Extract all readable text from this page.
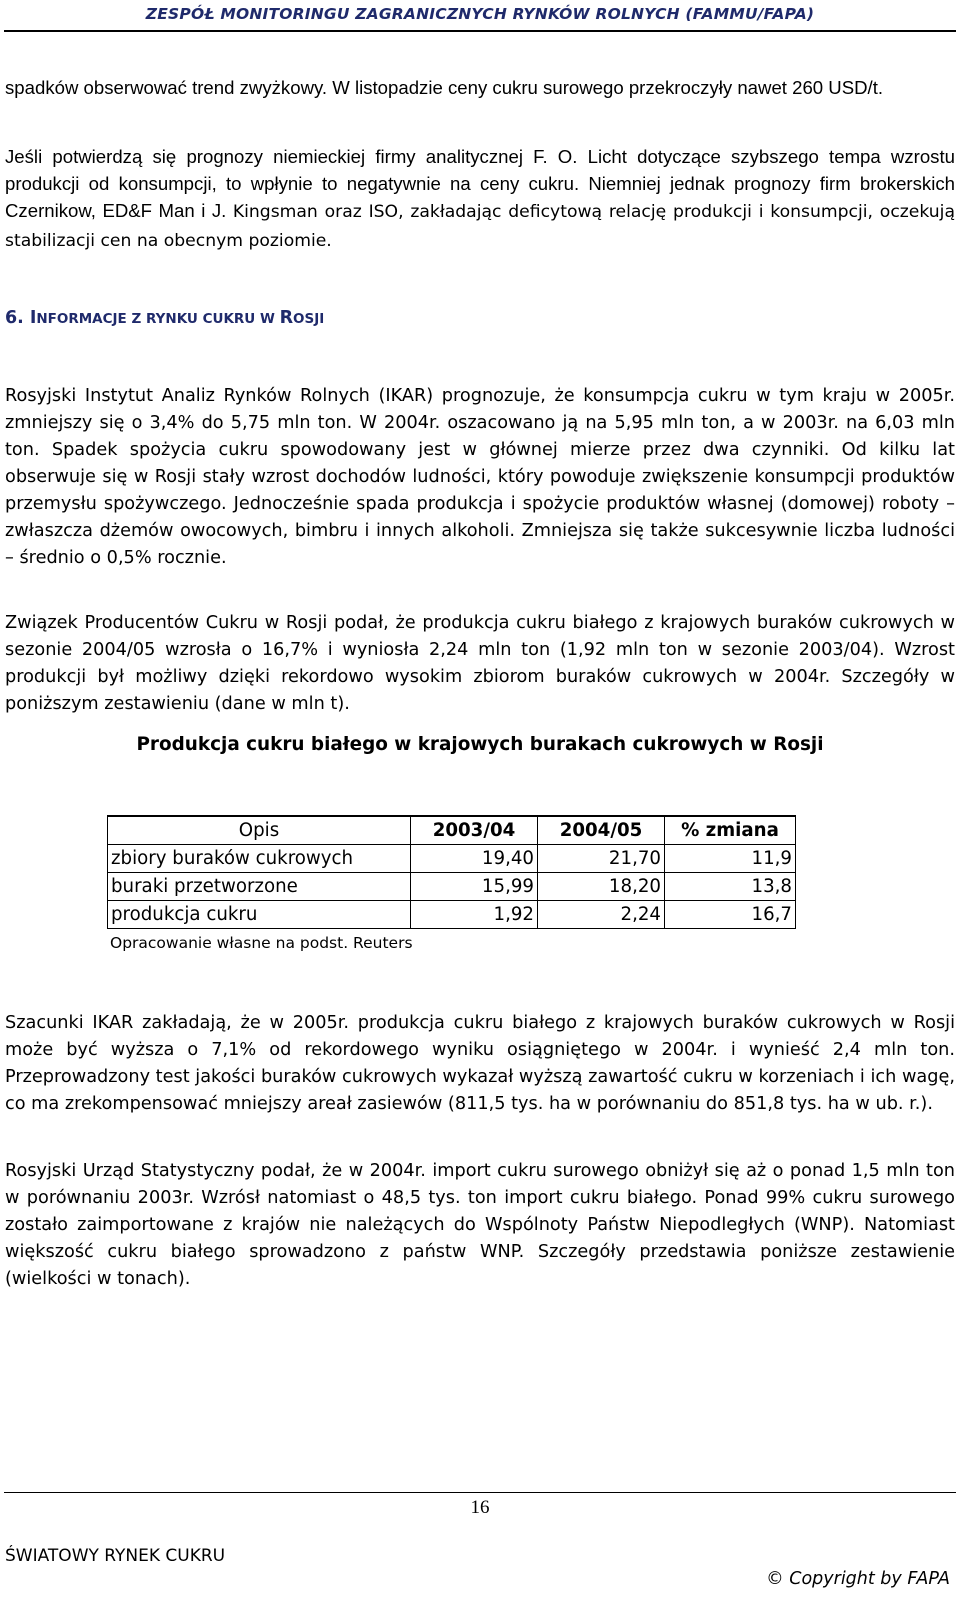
ZESPÓŁ MONITORINGU ZAGRANICZNYCH RYNKÓW ROLNYCH (FAMMU/FAPA)

spadków obserwować trend zwyżkowy. W listopadzie ceny cukru surowego przekroczyły nawet 260 USD/t.

Jeśli potwierdzą się prognozy niemieckiej firmy analitycznej F. O. Licht dotyczące szybszego tempa wzrostu produkcji od konsumpcji, to wpłynie to negatywnie na ceny cukru. Niemniej jednak prognozy firm brokerskich Czernikow, ED&F Man i J. Kingsman oraz ISO, zakładając deficytową relację produkcji i konsumpcji, oczekują stabilizacji cen na obecnym poziomie.

6. INFORMACJE Z RYNKU CUKRU W ROSJI

Rosyjski Instytut Analiz Rynków Rolnych (IKAR) prognozuje, że konsumpcja cukru w tym kraju w 2005r. zmniejszy się o 3,4% do 5,75 mln ton. W 2004r. oszacowano ją na 5,95 mln ton, a w 2003r. na 6,03 mln ton. Spadek spożycia cukru spowodowany jest w głównej mierze przez dwa czynniki. Od kilku lat obserwuje się w Rosji stały wzrost dochodów ludności, który powoduje zwiększenie konsumpcji produktów przemysłu spożywczego. Jednocześnie spada produkcja i spożycie produktów własnej (domowej) roboty – zwłaszcza dżemów owocowych, bimbru i innych alkoholi. Zmniejsza się także sukcesywnie liczba ludności – średnio o 0,5% rocznie.

Związek Producentów Cukru w Rosji podał, że produkcja cukru białego z krajowych buraków cukrowych w sezonie 2004/05 wzrosła o 16,7% i wyniosła 2,24 mln ton (1,92 mln ton w sezonie 2003/04). Wzrost produkcji był możliwy dzięki rekordowo wysokim zbiorom buraków cukrowych w 2004r. Szczegóły w poniższym zestawieniu (dane w mln t).

Produkcja cukru białego w krajowych burakach cukrowych w Rosji
Opis	2003/04	2004/05	% zmiana
zbiory buraków cukrowych	19,40	21,70	11,9
buraki przetworzone	15,99	18,20	13,8
produkcja cukru	1,92	2,24	16,7
Opracowanie własne na podst. Reuters

Szacunki IKAR zakładają, że w 2005r. produkcja cukru białego z krajowych buraków cukrowych w Rosji może być wyższa o 7,1% od rekordowego wyniku osiągniętego w 2004r. i wynieść 2,4 mln ton. Przeprowadzony test jakości buraków cukrowych wykazał wyższą zawartość cukru w korzeniach i ich wagę, co ma zrekompensować mniejszy areał zasiewów (811,5 tys. ha w porównaniu do 851,8 tys. ha w ub. r.).

Rosyjski Urząd Statystyczny podał, że w 2004r. import cukru surowego obniżył się aż o ponad 1,5 mln ton w porównaniu 2003r. Wzrósł natomiast o 48,5 tys. ton import cukru białego. Ponad 99% cukru surowego zostało zaimportowane z krajów nie należących do Wspólnoty Państw Niepodległych (WNP). Natomiast większość cukru białego sprowadzono z państw WNP. Szczegóły przedstawia poniższe zestawienie (wielkości w tonach).

16
ŚWIATOWY RYNEK CUKRU
© Copyright by FAPA
